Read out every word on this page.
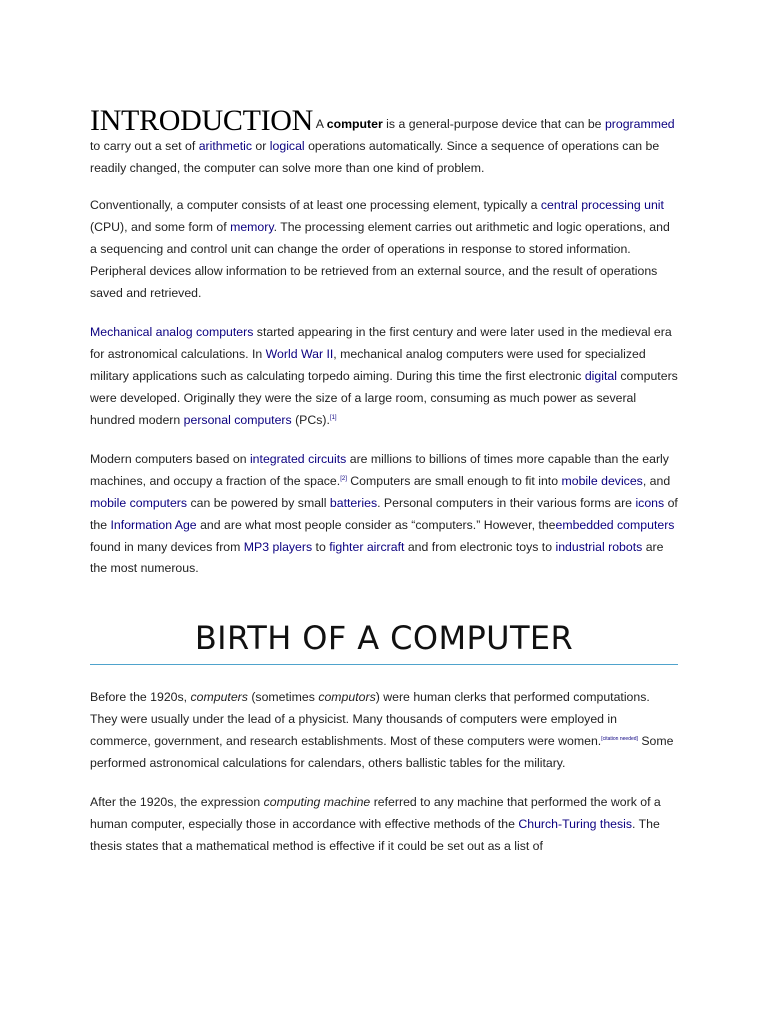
INTRODUCTION A computer is a general-purpose device that can be programmed to carry out a set of arithmetic or logical operations automatically. Since a sequence of operations can be readily changed, the computer can solve more than one kind of problem.

Conventionally, a computer consists of at least one processing element, typically a central processing unit (CPU), and some form of memory. The processing element carries out arithmetic and logic operations, and a sequencing and control unit can change the order of operations in response to stored information. Peripheral devices allow information to be retrieved from an external source, and the result of operations saved and retrieved.

Mechanical analog computers started appearing in the first century and were later used in the medieval era for astronomical calculations. In World War II, mechanical analog computers were used for specialized military applications such as calculating torpedo aiming. During this time the first electronic digital computers were developed. Originally they were the size of a large room, consuming as much power as several hundred modern personal computers (PCs).[1]

Modern computers based on integrated circuits are millions to billions of times more capable than the early machines, and occupy a fraction of the space.[2] Computers are small enough to fit into mobile devices, and mobile computers can be powered by small batteries. Personal computers in their various forms are icons of the Information Age and are what most people consider as “computers.” However, theembedded computers found in many devices from MP3 players to fighter aircraft and from electronic toys to industrial robots are the most numerous.

BIRTH OF A COMPUTER

Before the 1920s, computers (sometimes computors) were human clerks that performed computations. They were usually under the lead of a physicist. Many thousands of computers were employed in commerce, government, and research establishments. Most of these computers were women.[citation needed] Some performed astronomical calculations for calendars, others ballistic tables for the military.

After the 1920s, the expression computing machine referred to any machine that performed the work of a human computer, especially those in accordance with effective methods of the Church-Turing thesis. The thesis states that a mathematical method is effective if it could be set out as a list of
